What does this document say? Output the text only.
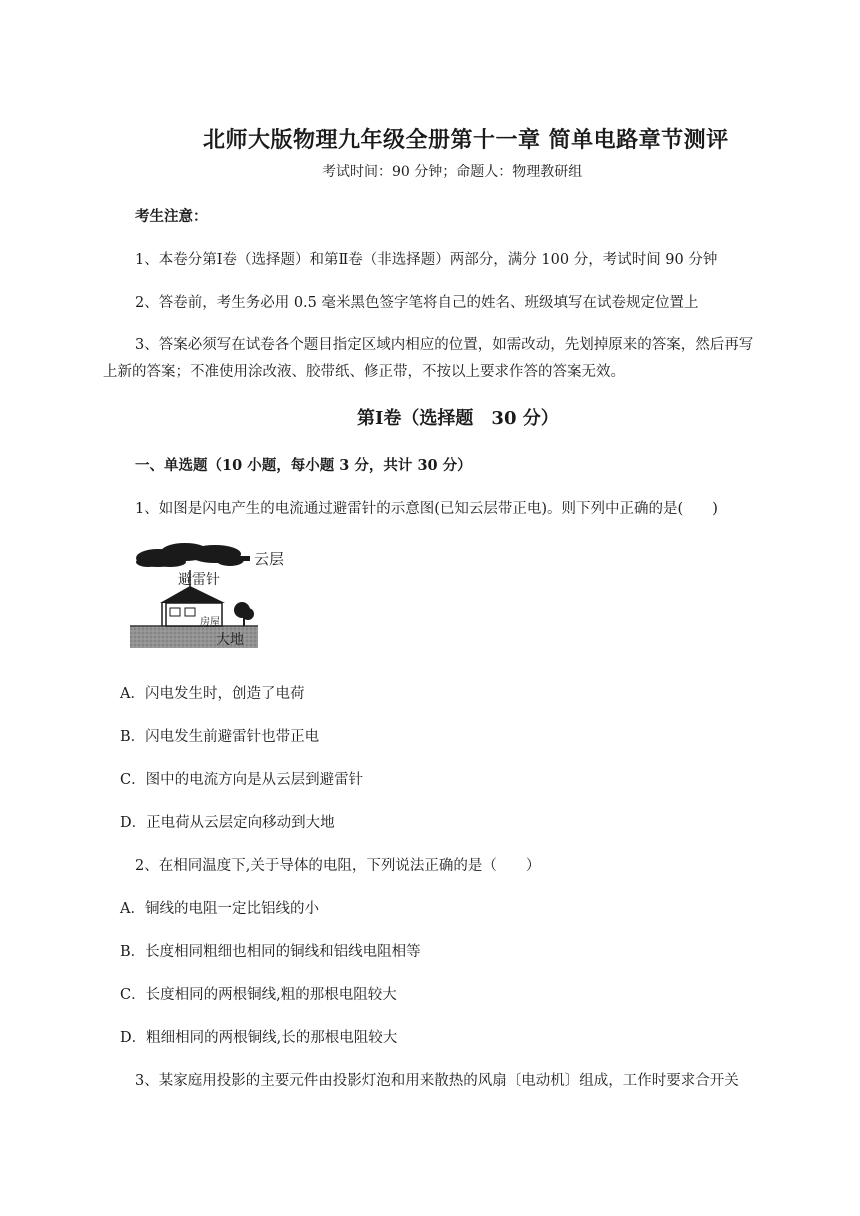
北师大版物理九年级全册第十一章 简单电路章节测评
考试时间：90 分钟；命题人：物理教研组
考生注意：
1、本卷分第Ⅰ卷（选择题）和第Ⅱ卷（非选择题）两部分，满分 100 分，考试时间 90 分钟
2、答卷前，考生务必用 0.5 毫米黑色签字笔将自己的姓名、班级填写在试卷规定位置上
3、答案必须写在试卷各个题目指定区域内相应的位置，如需改动，先划掉原来的答案，然后再写
上新的答案；不准使用涂改液、胶带纸、修正带，不按以上要求作答的答案无效。
第Ⅰ卷（选择题　30 分）
一、单选题（10 小题，每小题 3 分，共计 30 分）
1、如图是闪电产生的电流通过避雷针的示意图(已知云层带正电)。则下列中正确的是(　　)
云层
避雷针
房屋
大地
A．闪电发生时，创造了电荷
B．闪电发生前避雷针也带正电
C．图中的电流方向是从云层到避雷针
D．正电荷从云层定向移动到大地
2、在相同温度下,关于导体的电阻，下列说法正确的是（　　）
A．铜线的电阻一定比铝线的小
B．长度相同粗细也相同的铜线和铝线电阻相等
C．长度相同的两根铜线,粗的那根电阻较大
D．粗细相同的两根铜线,长的那根电阻较大
3、某家庭用投影的主要元件由投影灯泡和用来散热的风扇〔电动机〕组成，工作时要求合开关
